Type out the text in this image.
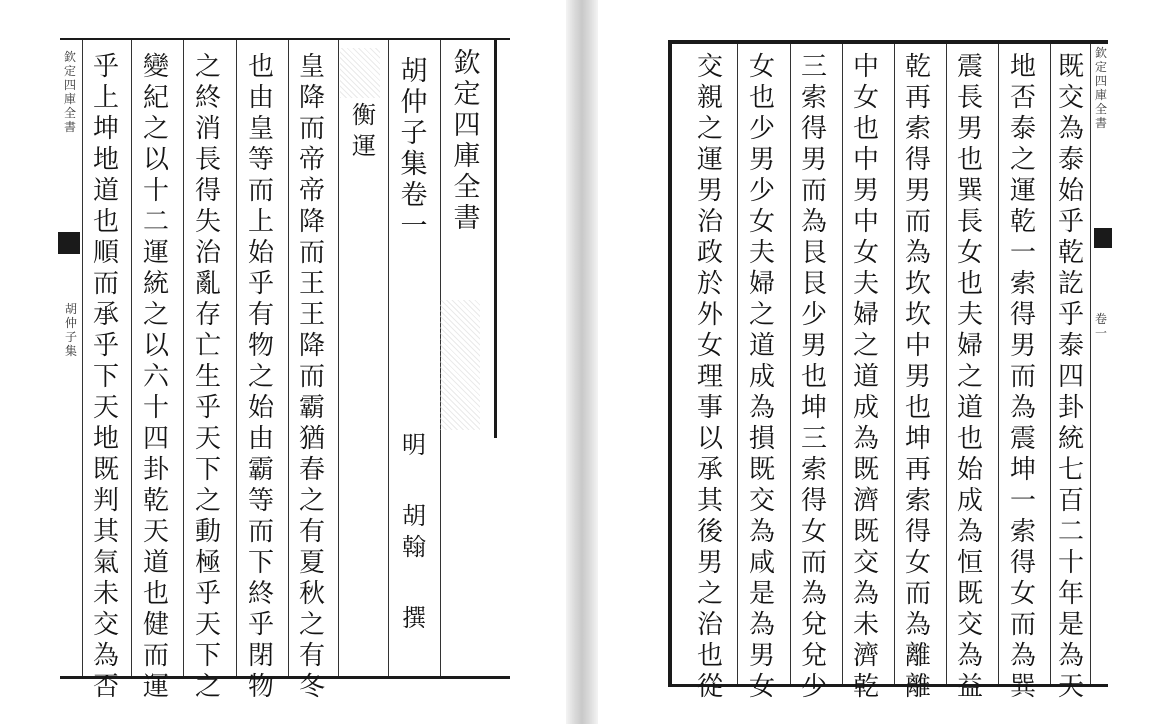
欽
定
四
庫
全
書
胡
仲
子
集
欽
定
四
庫
全
書
胡
仲
子
集
卷
一
明

胡
翰

撰
衡
運
皇
降
而
帝
帝
降
而
王
王
降
而
霸
猶
春
之
有
夏
秋
之
有
冬
也
由
皇
等
而
上
始
乎
有
物
之
始
由
霸
等
而
下
終
乎
閉
物
之
終
消
長
得
失
治
亂
存
亡
生
乎
天
下
之
動
極
乎
天
下
之
變
紀
之
以
十
二
運
統
之
以
六
十
四
卦
乾
天
道
也
健
而
運
乎
上
坤
地
道
也
順
而
承
乎
下
天
地
既
判
其
氣
未
交
為
否
欽
定
四
庫
全
書
卷
一
既
交
為
泰
始
乎
乾
訖
乎
泰
四
卦
統
七
百
二
十
年
是
為
天
地
否
泰
之
運
乾
一
索
得
男
而
為
震
坤
一
索
得
女
而
為
巽
震
長
男
也
巽
長
女
也
夫
婦
之
道
也
始
成
為
恒
既
交
為
益
乾
再
索
得
男
而
為
坎
坎
中
男
也
坤
再
索
得
女
而
為
離
離
中
女
也
中
男
中
女
夫
婦
之
道
成
為
既
濟
既
交
為
未
濟
乾
三
索
得
男
而
為
艮
艮
少
男
也
坤
三
索
得
女
而
為
兌
兌
少
女
也
少
男
少
女
夫
婦
之
道
成
為
損
既
交
為
咸
是
為
男
女
交
親
之
運
男
治
政
於
外
女
理
事
以
承
其
後
男
之
治
也
從
